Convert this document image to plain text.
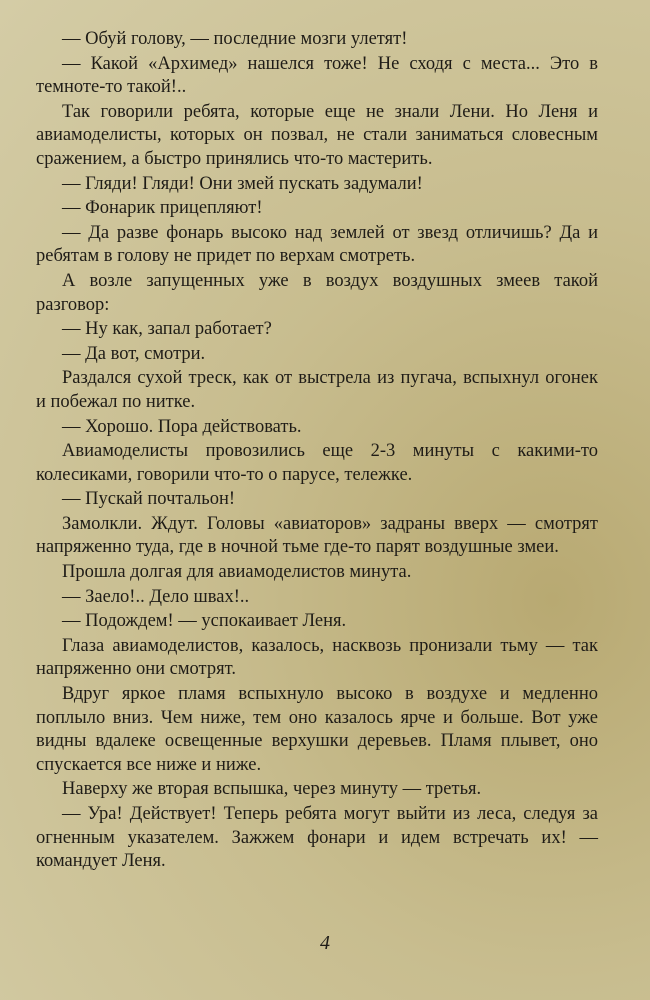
— Обуй голову, — последние мозги улетят!

— Какой «Архимед» нашелся тоже! Не сходя с места... Это в темноте-то такой!..

Так говорили ребята, которые еще не знали Лени. Но Леня и авиамоделисты, которых он позвал, не стали заниматься словесным сражением, а быстро принялись что-то мастерить.

— Гляди! Гляди! Они змей пускать задумали!

— Фонарик прицепляют!

— Да разве фонарь высоко над землей от звезд отличишь? Да и ребятам в голову не придет по верхам смотреть.

А возле запущенных уже в воздух воздушных змеев такой разговор:

— Ну как, запал работает?

— Да вот, смотри.

Раздался сухой треск, как от выстрела из пугача, вспыхнул огонек и побежал по нитке.

— Хорошо. Пора действовать.

Авиамоделисты провозились еще 2-3 минуты с какими-то колесиками, говорили что-то о парусе, тележке.

— Пускай почтальон!

Замолкли. Ждут. Головы «авиаторов» задраны вверх — смотрят напряженно туда, где в ночной тьме где-то парят воздушные змеи.

Прошла долгая для авиамоделистов минута.

— Заело!.. Дело швах!..

— Подождем! — успокаивает Леня.

Глаза авиамоделистов, казалось, насквозь пронизали тьму — так напряженно они смотрят.

Вдруг яркое пламя вспыхнуло высоко в воздухе и медленно поплыло вниз. Чем ниже, тем оно казалось ярче и больше. Вот уже видны вдалеке освещенные верхушки деревьев. Пламя плывет, оно спускается все ниже и ниже.

Наверху же вторая вспышка, через минуту — третья.

— Ура! Действует! Теперь ребята могут выйти из леса, следуя за огненным указателем. Зажжем фонари и идем встречать их! — командует Леня.

4
